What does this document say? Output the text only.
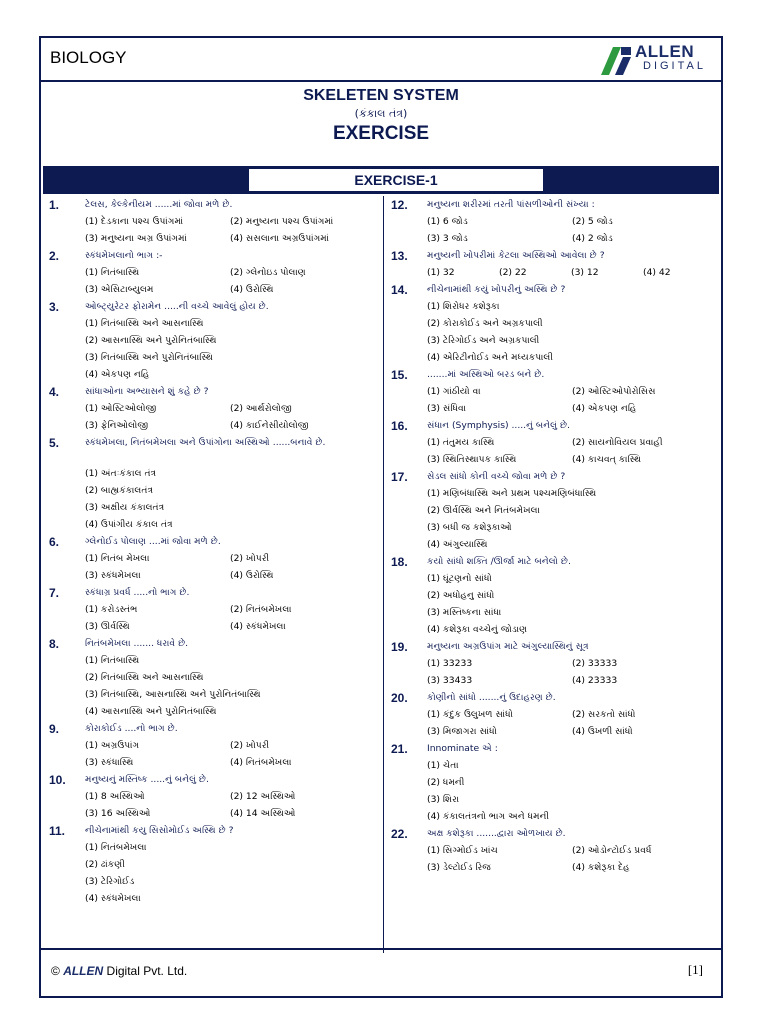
BIOLOGY	ALLEN
DIGITAL
SKELETEN SYSTEM
(કંકાલ તંત્ર)
EXERCISE
EXERCISE-1
1.	ટેલસ, કેલ્કેનીયમ ......માં જોવા મળે છે.
(1) દેડકાના પશ્ચ ઉપાંગમાં	(2) મનુષ્યના પશ્ચ ઉપાંગમાં
(3) મનુષ્યના અગ્ર ઉપાંગમાં	(4) સસલાના અગ્રઉપાંગમાં
2.	સ્કંધમેખલાનો ભાગ :-
(1) નિતંબાસ્થિ	(2) ગ્લેનોઇડ પોલાણ
(3) એસિટાબ્યુલમ	(4) ઉરોસ્થિ
3.	ઓબ્ટ્યુરેટર ફોરામેન .....ની વચ્ચે આવેલું હોય છે.
(1) નિતંબાસ્થિ અને આસનાસ્થિ
(2) આસનાસ્થિ અને પુરોનિતંબાસ્થિ
(3) નિતંબાસ્થિ અને પુરોનિતંબાસ્થિ
(4) એકપણ નહિ
4.	સાંધાઓના અભ્યાસને શું કહે છે ?
(1) ઓસ્ટિઓલોજી	(2) આર્થરોલોજી
(3) ફેનિઓલોજી	(4) કાઈનેસીયોલોજી
5.	સ્કંધમેખલા, નિતંબમેખલા અને ઉપાંગોના અસ્થિઓ ......બનાવે છે.
(1) અંતઃકંકાલ તંત્ર
(2) બાહ્યકંકાલતંત્ર
(3) અક્ષીય કંકાલતંત્ર
(4) ઉપાંગીય કંકાલ તંત્ર
6.	ગ્લેનોઈડ પોલાણ ....માં જોવા મળે છે.
(1) નિતંબ મેખલા	(2) ખોપરી
(3) સ્કંધમેખલા	(4) ઉરોસ્થિ
7.	સ્કંધાગ્ર પ્રવર્ધ .....નો ભાગ છે.
(1) કરોડસ્તંભ	(2) નિતંબમેખલા
(3) ઊર્વસ્થિ	(4) સ્કંધમેખલા
8.	નિતંબમેખલા ....... ધરાવે છે.
(1) નિતંબાસ્થિ
(2) નિતંબાસ્થિ અને આસનાસ્થિ
(3) નિતંબાસ્થિ, આસનાસ્થિ અને પુરોનિતંબાસ્થિ
(4) આસનાસ્થિ અને પુરોનિતંબાસ્થિ
9.	કોરાકોઈડ ....નો ભાગ છે.
(1) અગ્રઉપાંગ	(2) ખોપરી
(3) સ્કંધાસ્થિ	(4) નિતંબમેખલા
10.	મનુષ્યનું મસ્તિષ્ક .....નું બનેલું છે.
(1) 8 અસ્થિઓ	(2) 12 અસ્થિઓ
(3) 16 અસ્થિઓ	(4) 14 અસ્થિઓ
11.	નીચેનામાંથી કયુ સિસોમોઈડ અસ્થિ છે ?
(1) નિતંબમેખલા
(2) ઢાંકણી
(3) ટેરિગોઈડ
(4) સ્કંધમેખલા
12.	મનુષ્યના શરીરમાં તરતી પાંસળીઓની સંખ્યા :
(1) 6 જોડ	(2) 5 જોડ
(3) 3 જોડ	(4) 2 જોડ
13.	મનુષ્યની ખોપરીમાં કેટલા અસ્થિઓ આવેલા છે ?
(1) 32	(2) 22	(3) 12	(4) 42
14.	નીચેનામાંથી કયું ખોપરીનું અસ્થિ છે ?
(1) શિરોધર કશેરૂકા
(2) કોરાકોઈડ અને અગ્રકપાલી
(3) ટેરિગોઈડ અને અગ્રકપાલી
(4) એરિટીનોઈડ અને મધ્યકપાલી
15.	.......માં અસ્થિઓ બરડ બને છે.
(1) ગાંઠીયો વા	(2) ઓસ્ટિઓપોરોસિસ
(3) સંધિવા	(4) એકપણ નહિ
16.	સંધાન (Symphysis) .....નું બનેલું છે.
(1) તંતુમય કાસ્થિ	(2) સાયનોવિયલ પ્રવાહી
(3) સ્થિતિસ્થાપક કાસ્થિ	(4) કાચવત્ કાસ્થિ
17.	સેડલ સાંધો કોની વચ્ચે જોવા મળે છે ?
(1) મણિબંધાસ્થિ અને પ્રથમ પશ્ચમણિબંધાસ્થિ
(2) ઊર્વસ્થિ અને નિતંબમેખલા
(3) બધી જ કશેરૂકાઓ
(4) અંગુલ્યાસ્થિ
18.	કયો સાંધો શક્તિ /ઊર્જા માટે બનેલો છે.
(1) ઘૂંટણનો સાંધો
(2) અધોહનુ સાંધો
(3) મસ્તિષ્કના સાંધા
(4) કશેરૂકા વચ્ચેનું જોડાણ
19.	મનુષ્યના અગ્રઉપાંગ માટે અંગુલ્યાસ્થિનું સૂત્ર
(1) 33233	(2) 33333
(3) 33433	(4) 23333
20.	કોણીનો સાંધો .......નું ઉદાહરણ છે.
(1) કંદુક ઉલુખળ સાંધો	(2) સરકતો સાંધો
(3) મિજાગરા સાંધો	(4) ઉખળી સાંધો
21.	Innominate એ :
(1) ચેતા
(2) ધમની
(3) શિરા
(4) કંકાલતંત્રનો ભાગ અને ધમની
22.	અક્ષ કશેરૂકા .......દ્વારા ઓળખાય છે.
(1) સિગ્મોઈડ ખાંચ	(2) ઓડોન્ટોઈડ પ્રવર્ધ
(3) ડેલ્ટોઈડ રિજ	(4) કશેરૂકા દેહ
© ALLEN Digital Pvt. Ltd.	[1]
